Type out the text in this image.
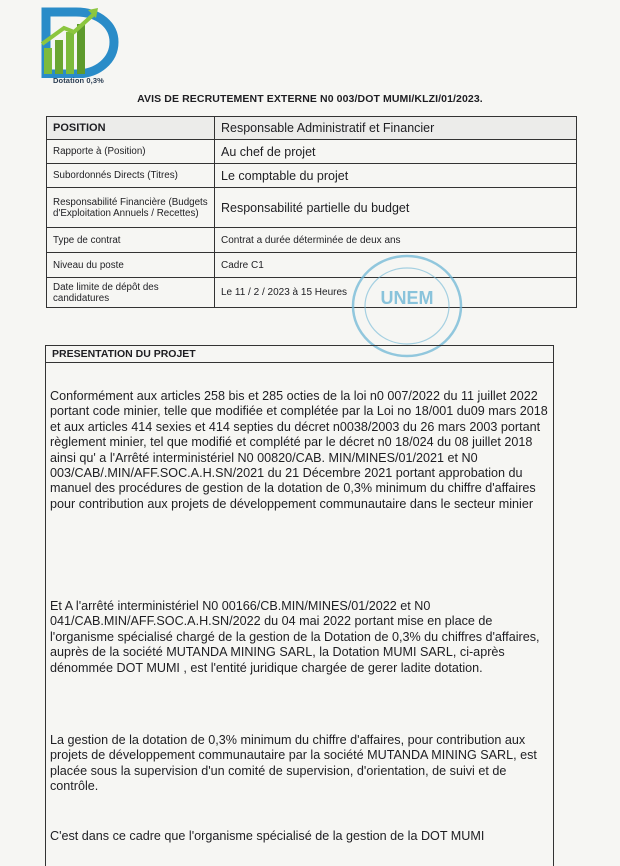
Dotation 0,3%
AVIS DE RECRUTEMENT EXTERNE N0 003/DOT MUMI/KLZI/01/2023.
POSITION	Responsable Administratif et Financier
Rapporte à (Position)	Au chef de projet
Subordonnés Directs (Titres)	Le comptable du projet
Responsabilité Financière (Budgets d'Exploitation Annuels / Recettes)	Responsabilité partielle du budget
Type de contrat	Contrat a durée déterminée de deux ans
Niveau du poste	Cadre C1
Date limite de dépôt des candidatures	Le 11 / 2 / 2023 à 15 Heures UNEM
PRESENTATION DU PROJET

Conformément aux articles 258 bis et 285 octies de la loi n0 007/2022 du 11 juillet 2022 portant code minier, telle que modifiée et complétée par la Loi no 18/001 du09 mars 2018 et aux articles 414 sexies et 414 septies du décret n0038/2003 du 26 mars 2003 portant règlement minier, tel que modifié et complété par le décret n0 18/024 du 08 juillet 2018 ainsi qu' a l'Arrêté interministériel N0 00820/CAB. MIN/MINES/01/2021 et N0 003/CAB/.MIN/AFF.SOC.A.H.SN/2021 du 21 Décembre 2021 portant approbation du manuel des procédures de gestion de la dotation de 0,3% minimum du chiffre d'affaires pour contribution aux projets de développement communautaire dans le secteur minier

Et A l'arrêté interministériel N0 00166/CB.MIN/MINES/01/2022 et N0 041/CAB.MIN/AFF.SOC.A.H.SN/2022 du 04 mai 2022 portant mise en place de l'organisme spécialisé chargé de la gestion de la Dotation de 0,3% du chiffres d'affaires, auprès de la société MUTANDA MINING SARL, la Dotation MUMI SARL, ci-après dénommée DOT MUMI , est l'entité juridique chargée de gerer ladite dotation.

La gestion de la dotation de 0,3% minimum du chiffre d'affaires, pour contribution aux projets de développement communautaire par la société MUTANDA MINING SARL, est placée sous la supervision d'un comité de supervision, d'orientation, de suivi et de contrôle.

C'est dans ce cadre que l'organisme spécialisé de la gestion de la DOT MUMI
